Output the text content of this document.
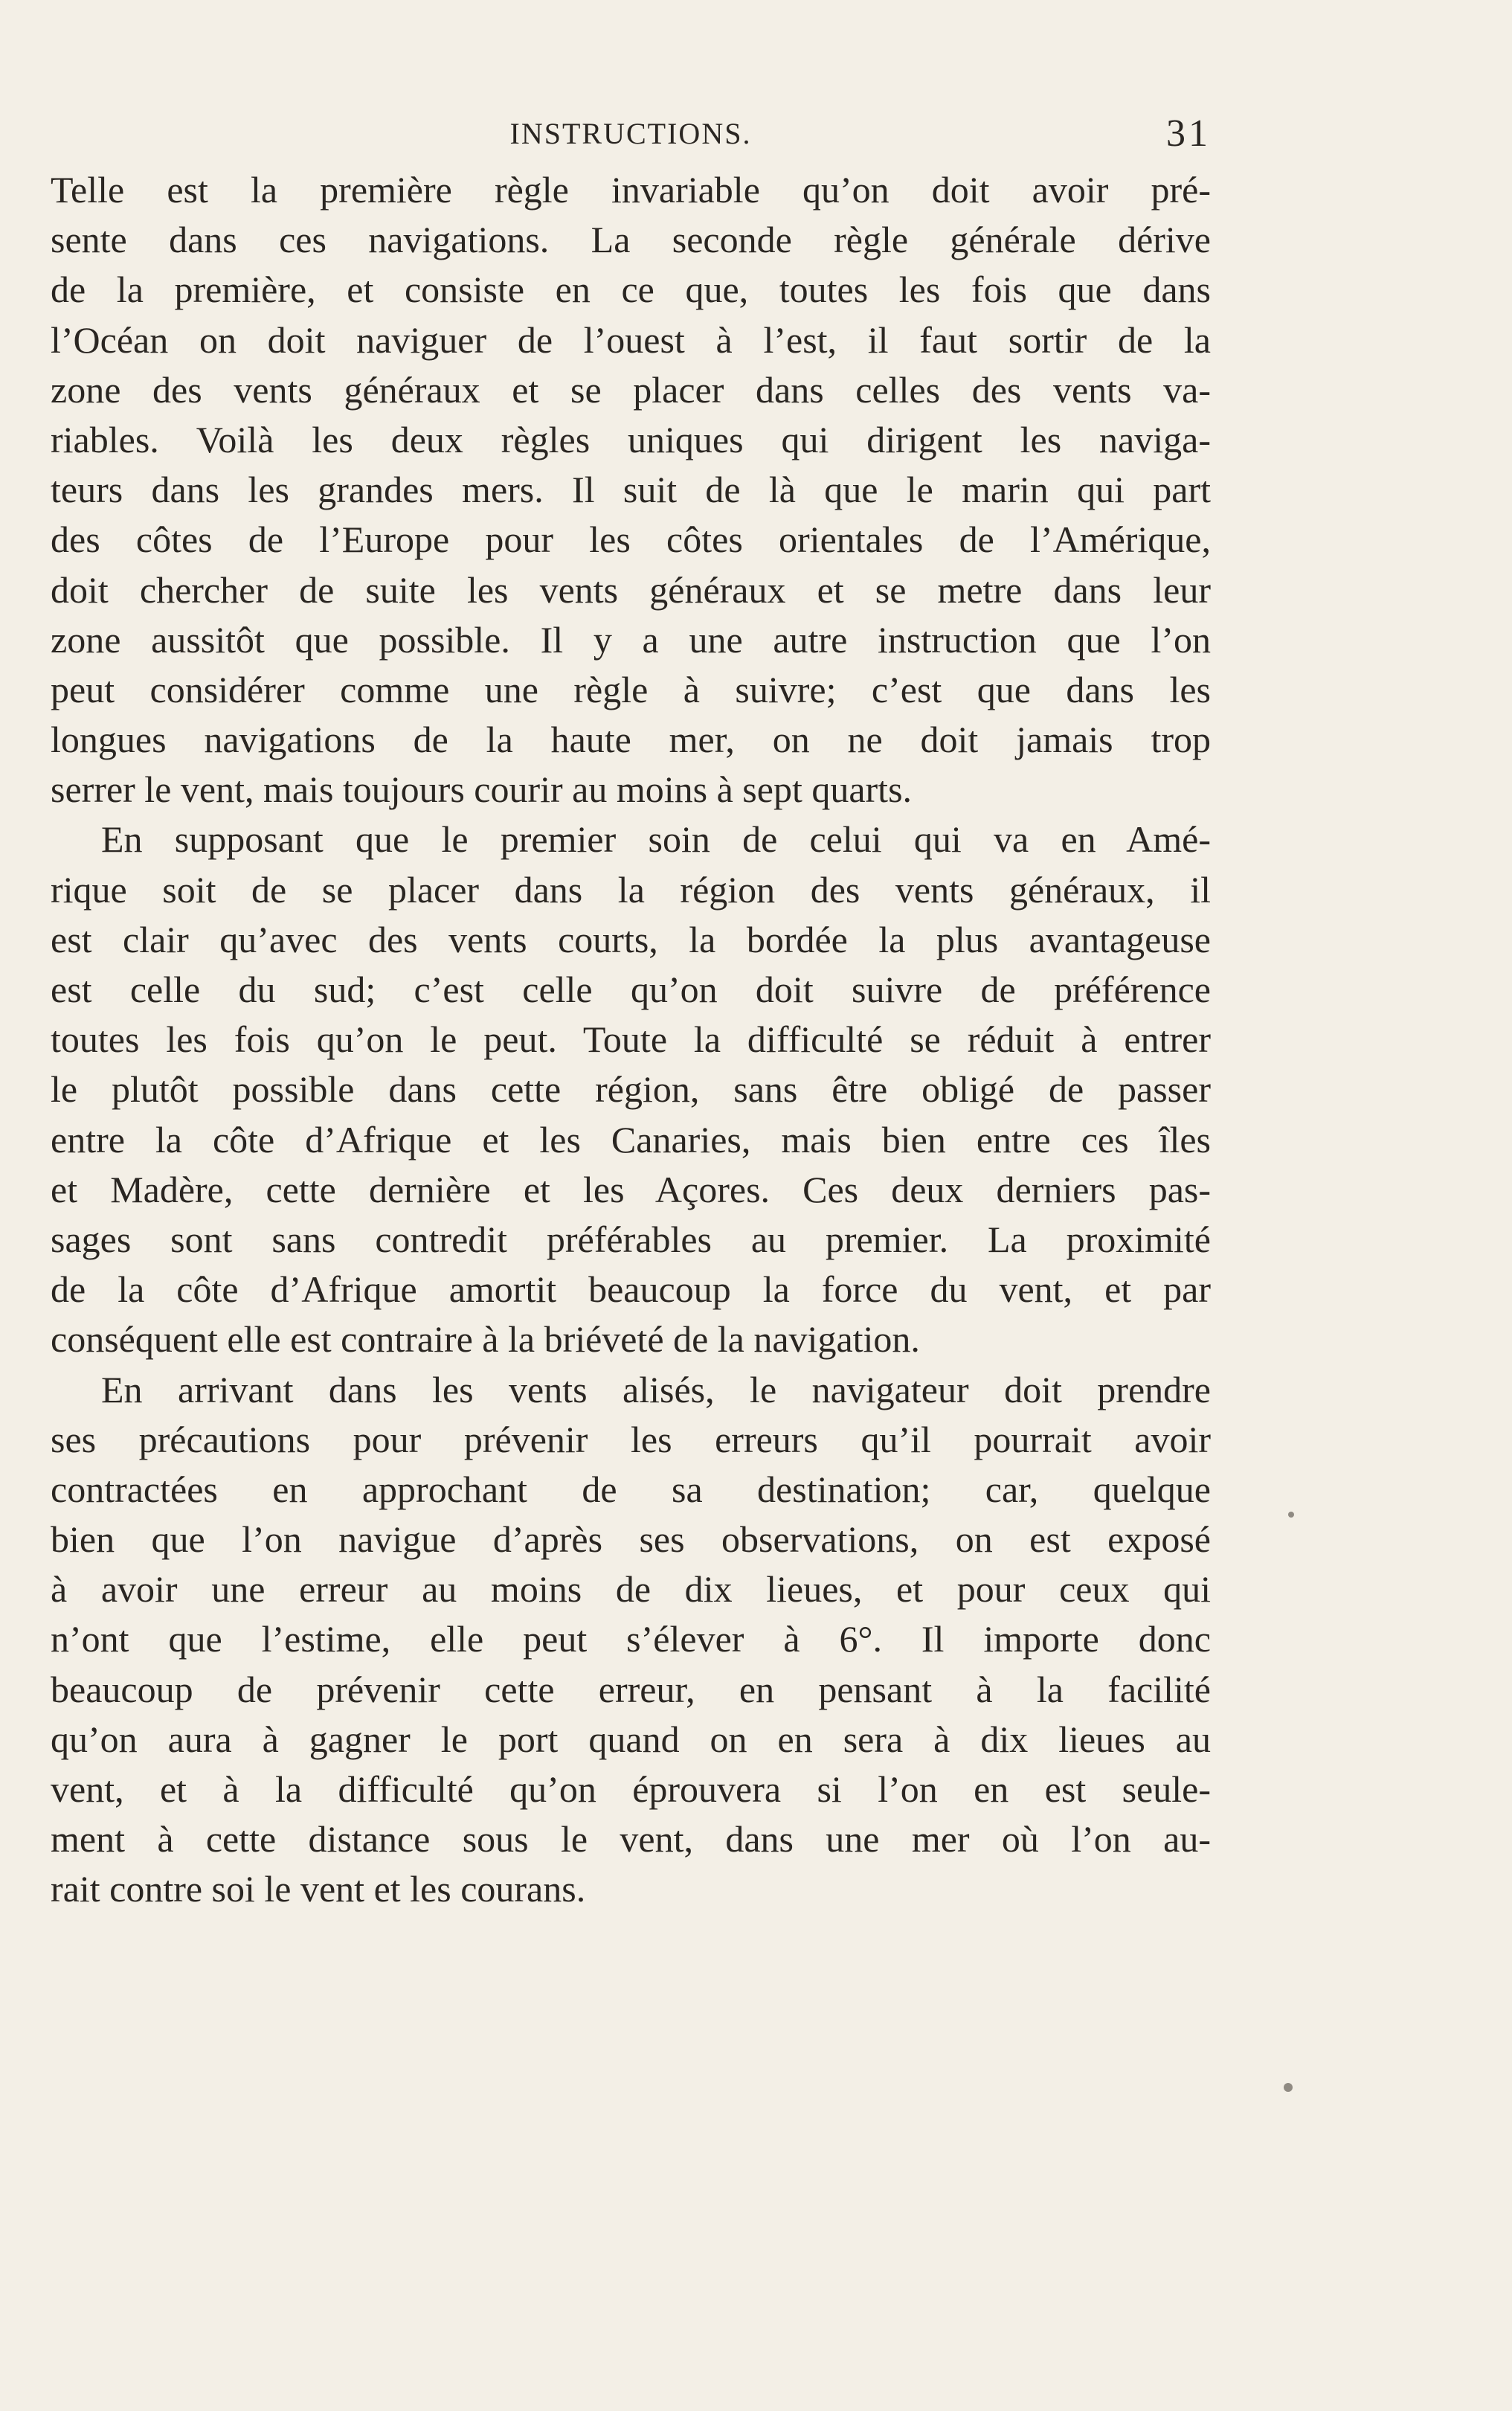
INSTRUCTIONS.	31
Telle est la première règle invariable qu’on doit avoir pré-
sente dans ces navigations. La seconde règle générale dérive
de la première, et consiste en ce que, toutes les fois que dans
l’Océan on doit naviguer de l’ouest à l’est, il faut sortir de la
zone des vents généraux et se placer dans celles des vents va-
riables. Voilà les deux règles uniques qui dirigent les naviga-
teurs dans les grandes mers. Il suit de là que le marin qui part
des côtes de l’Europe pour les côtes orientales de l’Amérique,
doit chercher de suite les vents généraux et se metre dans leur
zone aussitôt que possible. Il y a une autre instruction que l’on
peut considérer comme une règle à suivre; c’est que dans les
longues navigations de la haute mer, on ne doit jamais trop
serrer le vent, mais toujours courir au moins à sept quarts.
En supposant que le premier soin de celui qui va en Amé-
rique soit de se placer dans la région des vents généraux, il
est clair qu’avec des vents courts, la bordée la plus avantageuse
est celle du sud; c’est celle qu’on doit suivre de préférence
toutes les fois qu’on le peut. Toute la difficulté se réduit à entrer
le plutôt possible dans cette région, sans être obligé de passer
entre la côte d’Afrique et les Canaries, mais bien entre ces îles
et Madère, cette dernière et les Açores. Ces deux derniers pas-
sages sont sans contredit préférables au premier. La proximité
de la côte d’Afrique amortit beaucoup la force du vent, et par
conséquent elle est contraire à la briéveté de la navigation.
En arrivant dans les vents alisés, le navigateur doit prendre
ses précautions pour prévenir les erreurs qu’il pourrait avoir
contractées en approchant de sa destination; car, quelque
bien que l’on navigue d’après ses observations, on est exposé
à avoir une erreur au moins de dix lieues, et pour ceux qui
n’ont que l’estime, elle peut s’élever à 6°. Il importe donc
beaucoup de prévenir cette erreur, en pensant à la facilité
qu’on aura à gagner le port quand on en sera à dix lieues au
vent, et à la difficulté qu’on éprouvera si l’on en est seule-
ment à cette distance sous le vent, dans une mer où l’on au-
rait contre soi le vent et les courans.
